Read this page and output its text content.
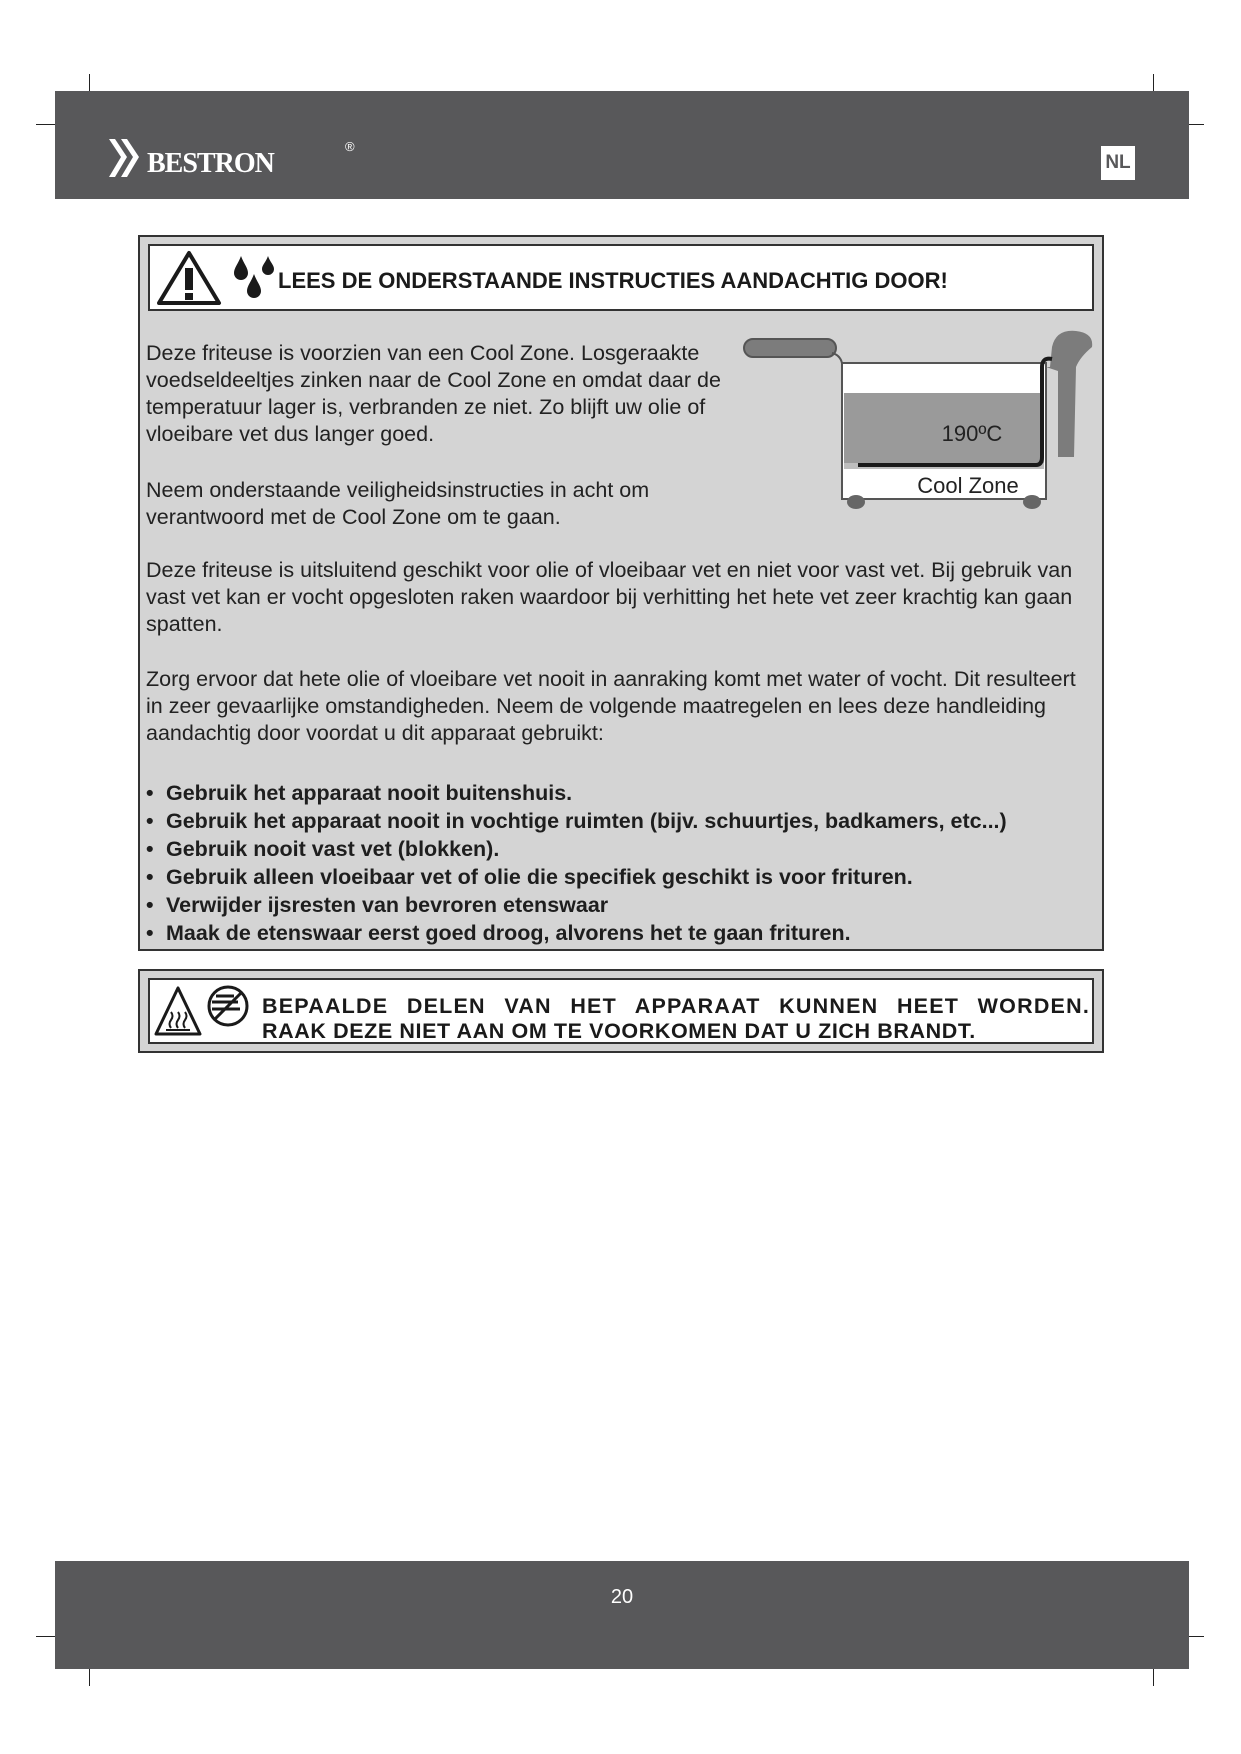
bestron	®
NL
LEES DE ONDERSTAANDE INSTRUCTIES AANDACHTIG DOOR!
Deze friteuse is voorzien van een Cool Zone. Losgeraakte voedseldeeltjes zinken naar de Cool Zone en omdat daar de temperatuur lager is, verbranden ze niet. Zo blijft uw olie of vloeibare vet dus langer goed.
Neem onderstaande veiligheidsinstructies in acht om verantwoord met de Cool Zone om te gaan.
190ºC
Cool Zone
Deze friteuse is uitsluitend geschikt voor olie of vloeibaar vet en niet voor vast vet. Bij gebruik van vast vet kan er vocht opgesloten raken waardoor bij verhitting het hete vet zeer krachtig kan gaan spatten.
Zorg ervoor dat hete olie of vloeibare vet nooit in aanraking komt met water of vocht. Dit resulteert in zeer gevaarlijke omstandigheden. Neem de volgende maatregelen en lees deze handleiding aandachtig door voordat u dit apparaat gebruikt:
• Gebruik het apparaat nooit buitenshuis.
• Gebruik het apparaat nooit in vochtige ruimten (bijv. schuurtjes, badkamers, etc...)
• Gebruik nooit vast vet (blokken).
• Gebruik alleen vloeibaar vet of olie die specifiek geschikt is voor frituren.
• Verwijder ijsresten van bevroren etenswaar
• Maak de etenswaar eerst goed droog, alvorens het te gaan frituren.
BEPAALDE DELEN VAN HET APPARAAT KUNNEN HEET WORDEN.
RAAK DEZE NIET AAN OM TE VOORKOMEN DAT U ZICH BRANDT.
20
